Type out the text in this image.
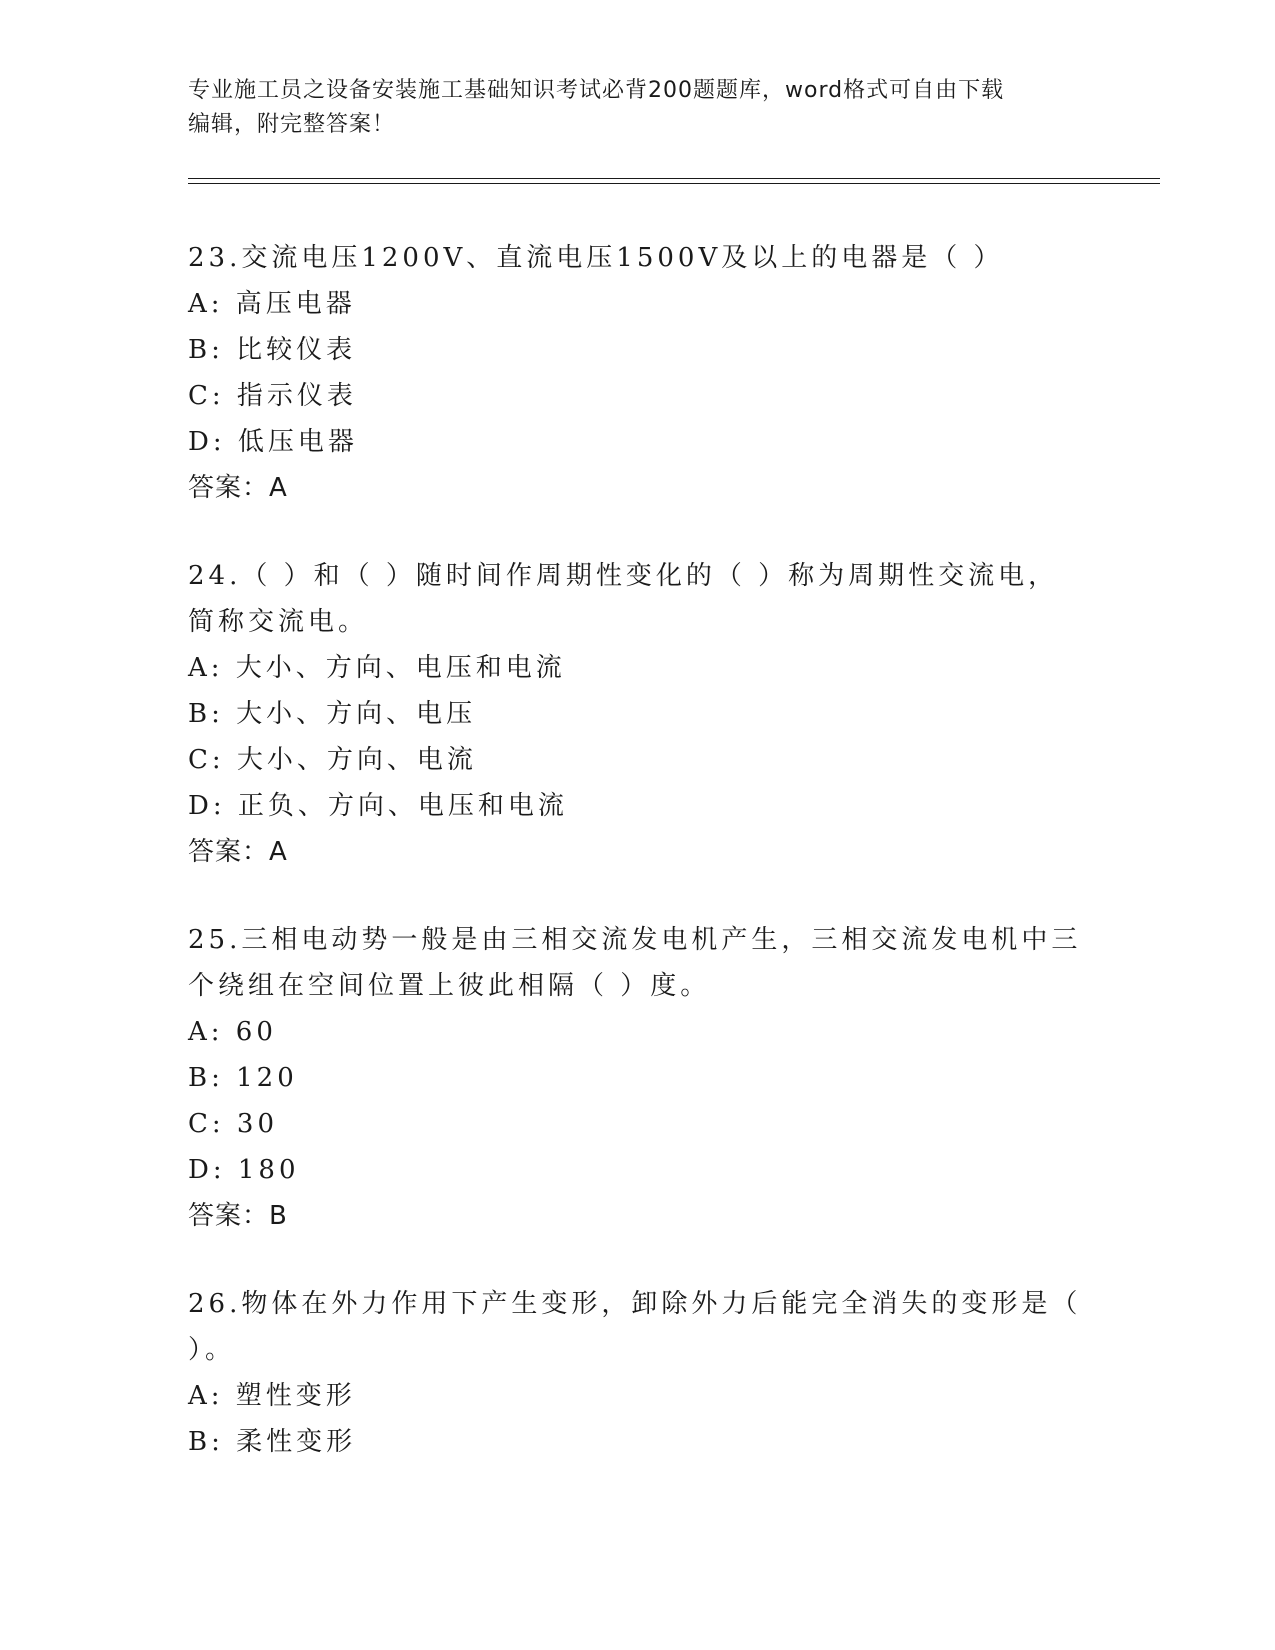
专业施工员之设备安装施工基础知识考试必背200题题库，word格式可自由下载
编辑，附完整答案！
23.交流电压1200V、直流电压1500V及以上的电器是（ ）
A: 高压电器
B: 比较仪表
C: 指示仪表
D: 低压电器
答案：A
24.（ ）和（ ）随时间作周期性变化的（ ）称为周期性交流电，简称交流电。
A: 大小、方向、电压和电流
B: 大小、方向、电压
C: 大小、方向、电流
D: 正负、方向、电压和电流
答案：A
25.三相电动势一般是由三相交流发电机产生，三相交流发电机中三个绕组在空间位置上彼此相隔（ ）度。
A: 60
B: 120
C: 30
D: 180
答案：B
26.物体在外力作用下产生变形，卸除外力后能完全消失的变形是（ ）。
A: 塑性变形
B: 柔性变形
